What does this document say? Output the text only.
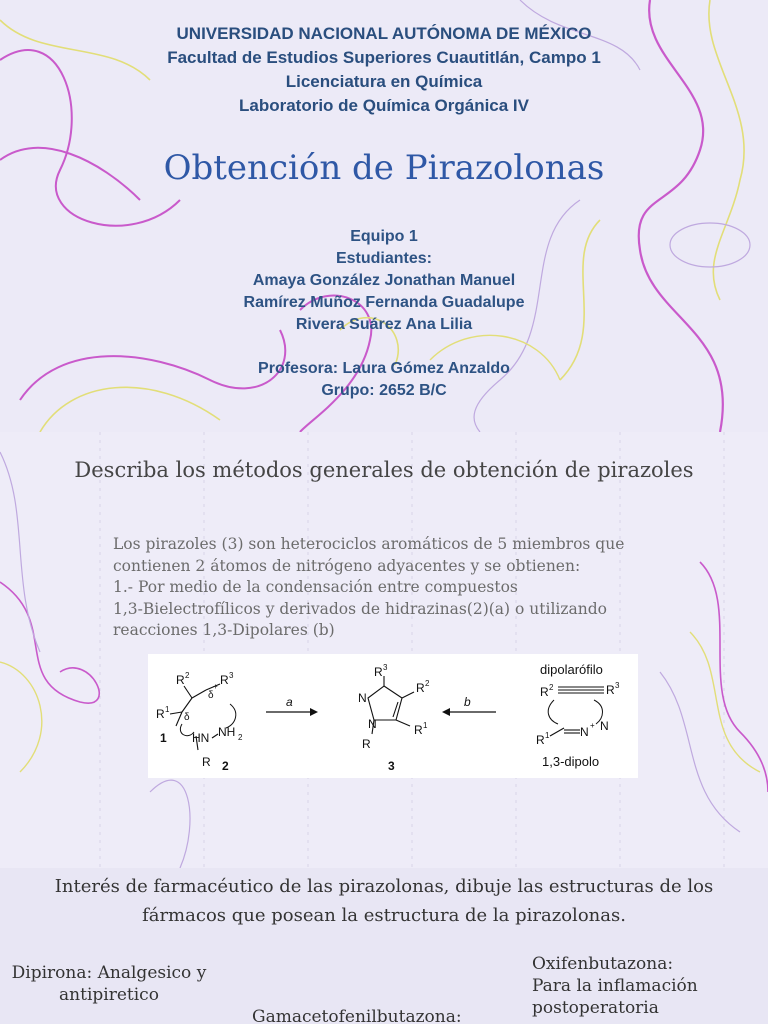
UNIVERSIDAD NACIONAL AUTÓNOMA DE MÉXICO
Facultad de Estudios Superiores Cuautitlán, Campo 1
Licenciatura en Química
Laboratorio de Química Orgánica IV
Obtención de Pirazolonas
Equipo 1
Estudiantes:
Amaya González Jonathan Manuel
Ramírez Muñoz Fernanda Guadalupe
Rivera Suárez Ana Lilia
Profesora: Laura Gómez Anzaldo
Grupo: 2652 B/C
Describa los métodos generales de obtención de pirazoles
Los pirazoles (3) son heterociclos aromáticos de 5 miembros que
contienen 2 átomos de nitrógeno adyacentes y se obtienen:
1.- Por medio de la condensación entre compuestos
1,3-Bielectrofílicos y derivados de hidrazinas(2)(a) o utilizando
reacciones 1,3-Dipolares (b)
R 2	R 3
δ
+
δ
R 1
1 HN NH 2
R 2
a
R 3
R 2
R 1
N
N
R
3
b
dipolarófilo
R 2	R 3
R 1	N N
+
1,3-dipolo
Interés de farmacéutico de las pirazolonas, dibuje las estructuras de los
fármacos que posean la estructura de la pirazolonas.
Dipirona: Analgesico y
antipiretico
Oxifenbutazona:
Para la inflamación
postoperatoria
Gamacetofenilbutazona:
